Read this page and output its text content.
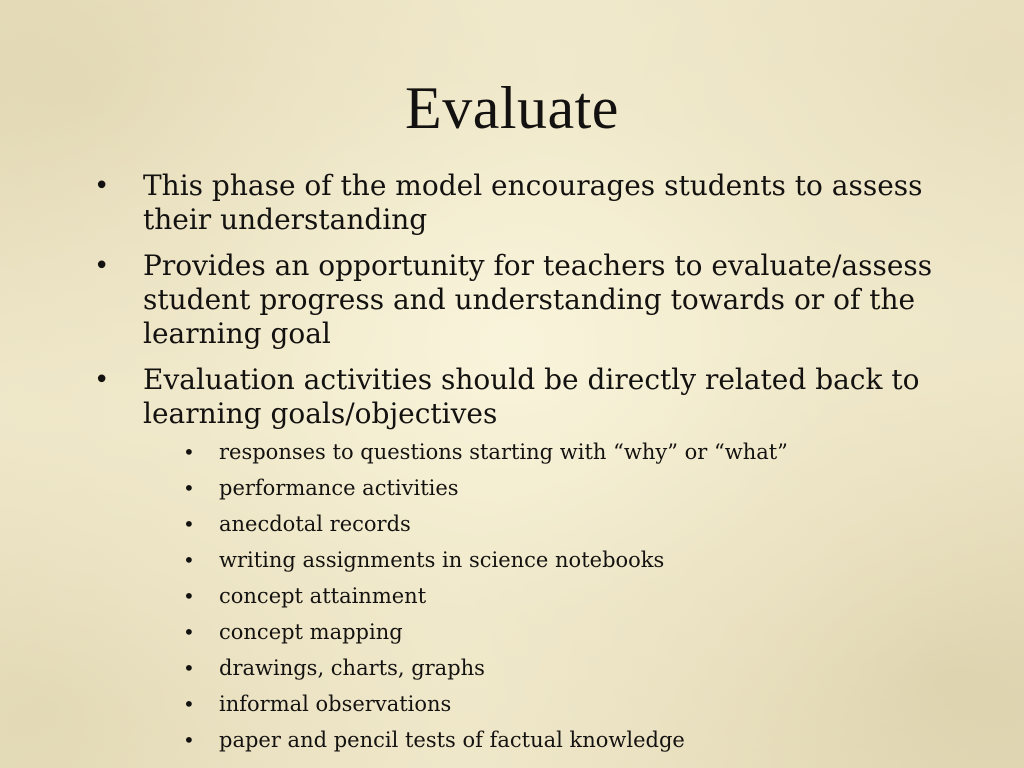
Evaluate
• This phase of the model encourages students to assess their understanding
• Provides an opportunity for teachers to evaluate/assess student progress and understanding towards or of the learning goal
• Evaluation activities should be directly related back to learning goals/objectives
• responses to questions starting with “why” or “what”
• performance activities
• anecdotal records
• writing assignments in science notebooks
• concept attainment
• concept mapping
• drawings, charts, graphs
• informal observations
• paper and pencil tests of factual knowledge
